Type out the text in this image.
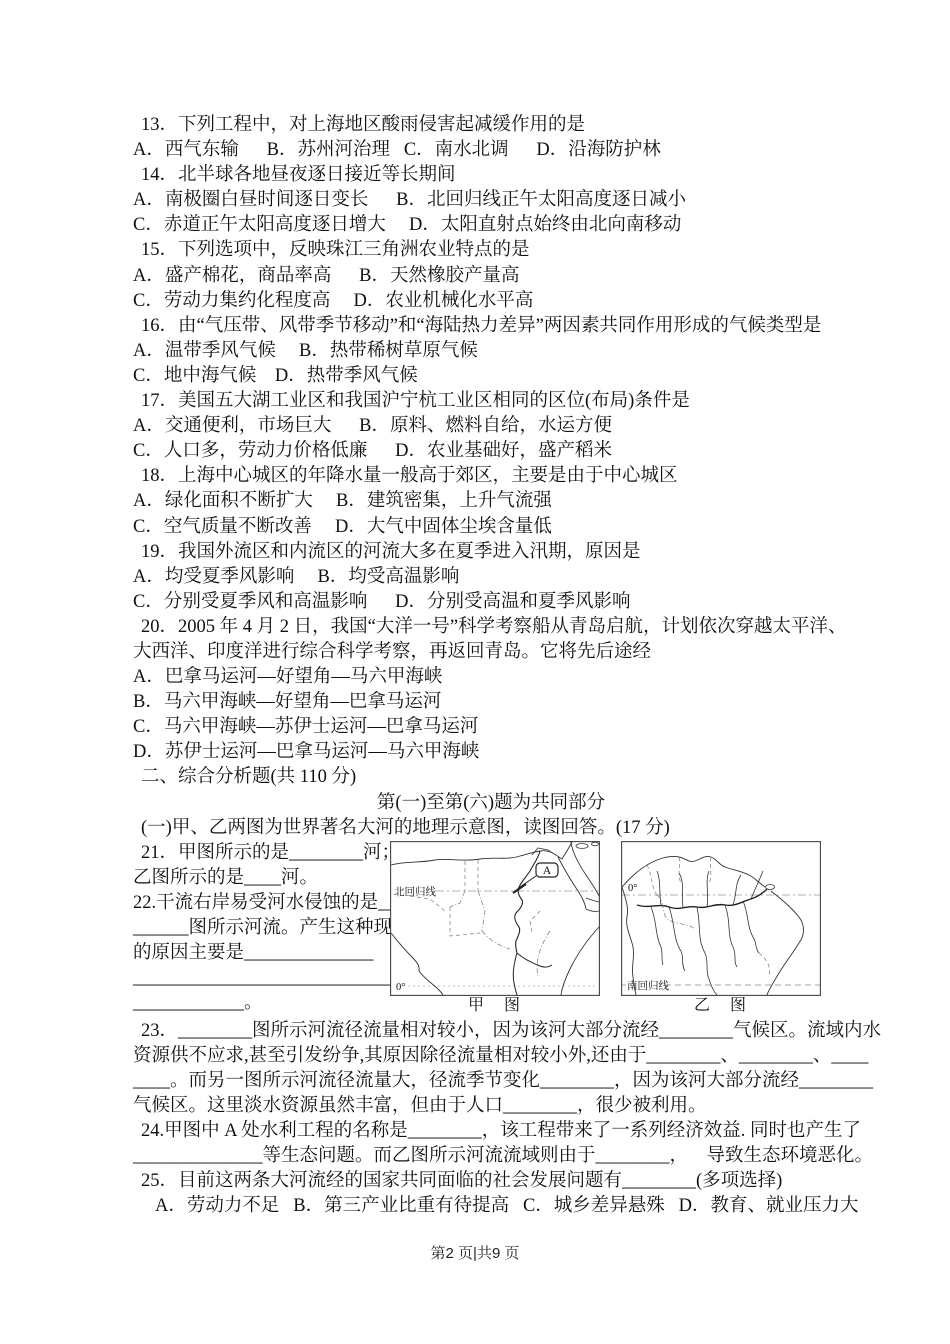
13．下列工程中，对上海地区酸雨侵害起减缓作用的是
A．西气东输      B．苏州河治理   C．南水北调      D．沿海防护林
14．北半球各地昼夜逐日接近等长期间
A．南极圈白昼时间逐日变长      B．北回归线正午太阳高度逐日减小
C．赤道正午太阳高度逐日增大     D．太阳直射点始终由北向南移动
15．下列选项中，反映珠江三角洲农业特点的是
A．盛产棉花，商品率高      B．天然橡胶产量高
C．劳动力集约化程度高     D．农业机械化水平高
16．由“气压带、风带季节移动”和“海陆热力差异”两因素共同作用形成的气候类型是
A．温带季风气候     B．热带稀树草原气候
C．地中海气候    D．热带季风气候
17．美国五大湖工业区和我国沪宁杭工业区相同的区位(布局)条件是
A．交通便利，市场巨大      B．原料、燃料自给，水运方便
C．人口多，劳动力价格低廉      D．农业基础好，盛产稻米
18．上海中心城区的年降水量一般高于郊区，主要是由于中心城区
A．绿化面积不断扩大     B．建筑密集，上升气流强
C．空气质量不断改善     D．大气中固体尘埃含量低
19．我国外流区和内流区的河流大多在夏季进入汛期，原因是
A．均受夏季风影响     B．均受高温影响
C．分别受夏季风和高温影响      D．分别受高温和夏季风影响
20．2005 年 4 月 2 日，我国“大洋一号”科学考察船从青岛启航，计划依次穿越太平洋、
大西洋、印度洋进行综合科学考察，再返回青岛。它将先后途经
A．巴拿马运河—好望角—马六甲海峡
B．马六甲海峡—好望角—巴拿马运河
C．马六甲海峡—苏伊士运河—巴拿马运河
D．苏伊士运河—巴拿马运河—马六甲海峡
二、综合分析题(共 110 分)
第(一)至第(六)题为共同部分
(一)甲、乙两图为世界著名大河的地理示意图，读图回答。(17 分)
21．甲图所示的是________河；
乙图所示的是____河。
22.干流右岸易受河水侵蚀的是__
______图所示河流。产生这种现象
的原因主要是______________
____________________________
____________。
A
北回归线
0°
甲　图
0°
南回归线
乙　图
23．________图所示河流径流量相对较小，因为该河大部分流经________气候区。流域内水
资源供不应求,甚至引发纷争,其原因除径流量相对较小外,还由于________、________、____
____。而另一图所示河流径流量大，径流季节变化________，因为该河大部分流经________
气候区。这里淡水资源虽然丰富，但由于人口________，很少被利用。
24.甲图中 A 处水利工程的名称是________，该工程带来了一系列经济效益. 同时也产生了
______________等生态问题。而乙图所示河流流域则由于________，    导致生态环境恶化。
25．目前这两条大河流经的国家共同面临的社会发展问题有________(多项选择)
A．劳动力不足   B．第三产业比重有待提高   C．城乡差异悬殊   D．教育、就业压力大
第2 页|共9 页
